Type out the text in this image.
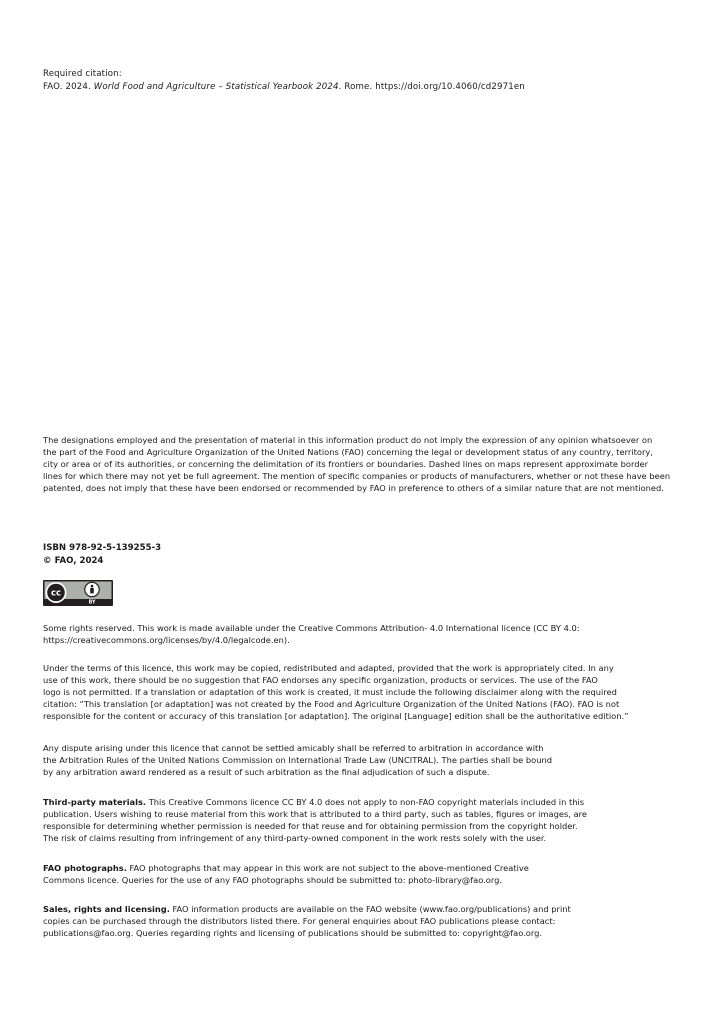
Required citation:
FAO. 2024. World Food and Agriculture – Statistical Yearbook 2024. Rome. https://doi.org/10.4060/cd2971en
The designations employed and the presentation of material in this information product do not imply the expression of any opinion whatsoever on
the part of the Food and Agriculture Organization of the United Nations (FAO) concerning the legal or development status of any country, territory,
city or area or of its authorities, or concerning the delimitation of its frontiers or boundaries. Dashed lines on maps represent approximate border
lines for which there may not yet be full agreement. The mention of specific companies or products of manufacturers, whether or not these have been
patented, does not imply that these have been endorsed or recommended by FAO in preference to others of a similar nature that are not mentioned.
ISBN 978-92-5-139255-3
© FAO, 2024
cc
BY
Some rights reserved. This work is made available under the Creative Commons Attribution- 4.0 International licence (CC BY 4.0:
https://creativecommons.org/licenses/by/4.0/legalcode.en).
Under the terms of this licence, this work may be copied, redistributed and adapted, provided that the work is appropriately cited. In any
use of this work, there should be no suggestion that FAO endorses any specific organization, products or services. The use of the FAO
logo is not permitted. If a translation or adaptation of this work is created, it must include the following disclaimer along with the required
citation: “This translation [or adaptation] was not created by the Food and Agriculture Organization of the United Nations (FAO). FAO is not
responsible for the content or accuracy of this translation [or adaptation]. The original [Language] edition shall be the authoritative edition.”
Any dispute arising under this licence that cannot be settled amicably shall be referred to arbitration in accordance with
the Arbitration Rules of the United Nations Commission on International Trade Law (UNCITRAL). The parties shall be bound
by any arbitration award rendered as a result of such arbitration as the final adjudication of such a dispute.
Third-party materials. This Creative Commons licence CC BY 4.0 does not apply to non-FAO copyright materials included in this
publication. Users wishing to reuse material from this work that is attributed to a third party, such as tables, figures or images, are
responsible for determining whether permission is needed for that reuse and for obtaining permission from the copyright holder.
The risk of claims resulting from infringement of any third-party-owned component in the work rests solely with the user.
FAO photographs. FAO photographs that may appear in this work are not subject to the above-mentioned Creative
Commons licence. Queries for the use of any FAO photographs should be submitted to: photo-library@fao.org.
Sales, rights and licensing. FAO information products are available on the FAO website (www.fao.org/publications) and print
copies can be purchased through the distributors listed there. For general enquiries about FAO publications please contact:
publications@fao.org. Queries regarding rights and licensing of publications should be submitted to: copyright@fao.org.
